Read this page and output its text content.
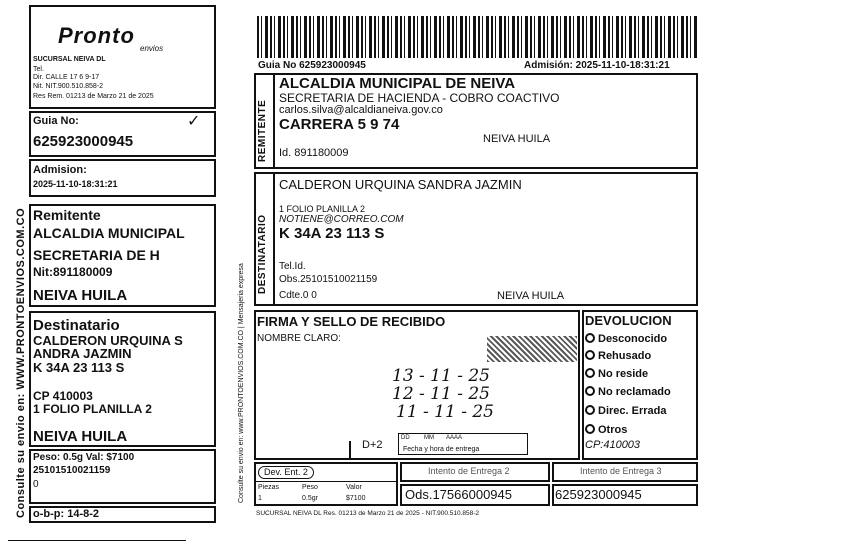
Pronto
envios
SUCURSAL NEIVA DL
Tel.
Dir. CALLE 17 6 9-17
Nit. NIT.900.510.858-2
Res Rem. 01213 de Marzo 21 de 2025
Guia No:	✓
625923000945
Admision:
2025-11-10-18:31:21
Remitente
ALCALDIA MUNICIPAL
SECRETARIA DE H
Nit:891180009
NEIVA HUILA
Destinatario
CALDERON URQUINA S
ANDRA JAZMIN
K 34A 23 113 S
CP 410003
1 FOLIO PLANILLA 2
NEIVA HUILA
Peso: 0.5g Val: $7100
25101510021159
0
o-b-p: 14-8-2
Consulte su envio en: WWW.PRONTOENVIOS.COM.CO
Guia No 625923000945	Admisión: 2025-11-10-18:31:21
Consulte su envio en: www.PRONTOENVIOS.COM.CO | Mensajeria expresa
REMITENTE
ALCALDIA MUNICIPAL DE NEIVA
SECRETARIA DE HACIENDA - COBRO COACTIVO
carlos.silva@alcaldianeiva.gov.co
CARRERA 5 9 74
NEIVA HUILA
Id. 891180009
DESTINATARIO
CALDERON URQUINA SANDRA JAZMIN
1 FOLIO PLANILLA 2
NOTIENE@CORREO.COM
K 34A 23 113 S
Tel.Id.
Obs.25101510021159
Cdte.0 0	NEIVA HUILA
FIRMA Y SELLO DE RECIBIDO
NOMBRE CLARO:
13 - 11 - 25
12 - 11 - 25
11 - 11 - 25
D+2
DD MM AAAA
Fecha y hora de entrega
DEVOLUCION
Desconocido
Rehusado
No reside
No reclamado
Direc. Errada
Otros
CP:410003
Dev. Ent. 2
Piezas	Peso	Valor
1	0.5gr	$7100
Intento de Entrega 2	Intento de Entrega 3
Ods.17566000945	625923000945
SUCURSAL NEIVA DL Res. 01213 de Marzo 21 de 2025 - NIT.900.510.858-2
